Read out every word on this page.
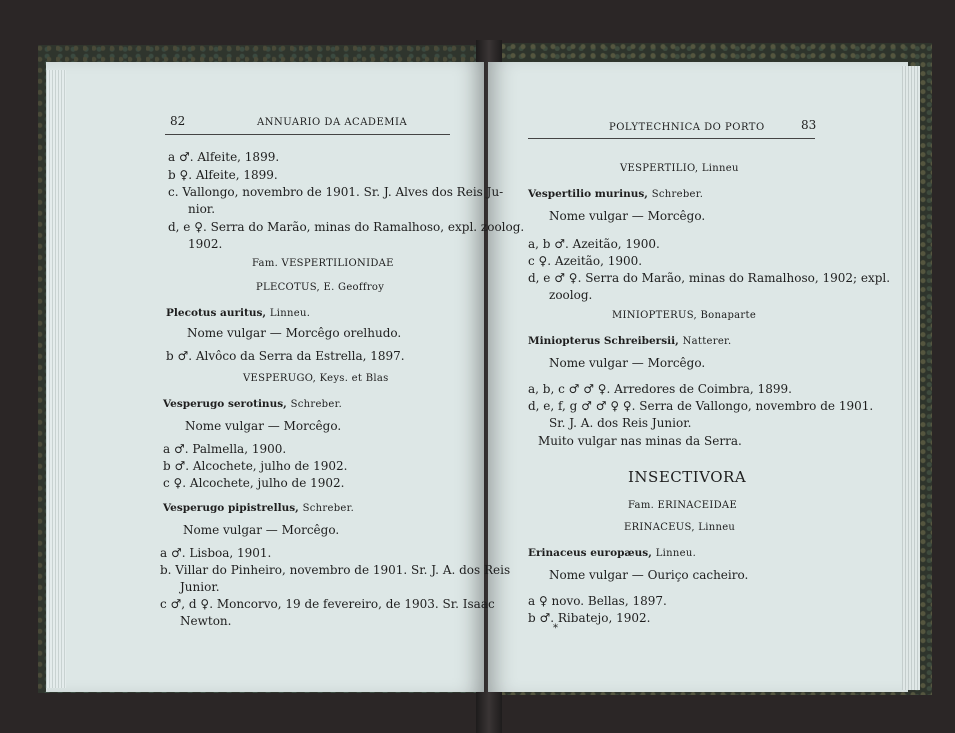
82	ANNUARIO DA ACADEMIA
a ♂. Alfeite, 1899.
b ♀. Alfeite, 1899.
c. Vallongo, novembro de 1901. Sr. J. Alves dos Reis Ju-
nior.
d, e ♀. Serra do Marão, minas do Ramalhoso, expl. zoolog.
1902.
Fam. VESPERTILIONIDAE
PLECOTUS, E. Geoffroy
Plecotus auritus, Linneu.
Nome vulgar — Morcêgo orelhudo.
b ♂. Alvôco da Serra da Estrella, 1897.
VESPERUGO, Keys. et Blas
Vesperugo serotinus, Schreber.
Nome vulgar — Morcêgo.
a ♂. Palmella, 1900.
b ♂. Alcochete, julho de 1902.
c ♀. Alcochete, julho de 1902.
Vesperugo pipistrellus, Schreber.
Nome vulgar — Morcêgo.
a ♂. Lisboa, 1901.
b. Villar do Pinheiro, novembro de 1901. Sr. J. A. dos Reis
Junior.
c ♂, d ♀. Moncorvo, 19 de fevereiro, de 1903. Sr. Isaac
Newton.
POLYTECHNICA DO PORTO	83
VESPERTILIO, Linneu
Vespertilio murinus, Schreber.
Nome vulgar — Morcêgo.
a, b ♂. Azeitão, 1900.
c ♀. Azeitão, 1900.
d, e ♂ ♀. Serra do Marão, minas do Ramalhoso, 1902; expl.
zoolog.
MINIOPTERUS, Bonaparte
Miniopterus Schreibersii, Natterer.
Nome vulgar — Morcêgo.
a, b, c ♂ ♂ ♀. Arredores de Coimbra, 1899.
d, e, f, g ♂ ♂ ♀ ♀. Serra de Vallongo, novembro de 1901.
Sr. J. A. dos Reis Junior.
Muito vulgar nas minas da Serra.
INSECTIVORA
Fam. ERINACEIDAE
ERINACEUS, Linneu
Erinaceus europæus, Linneu.
Nome vulgar — Ouriço cacheiro.
a ♀ novo. Bellas, 1897.
b ♂. Ribatejo, 1902.
*
